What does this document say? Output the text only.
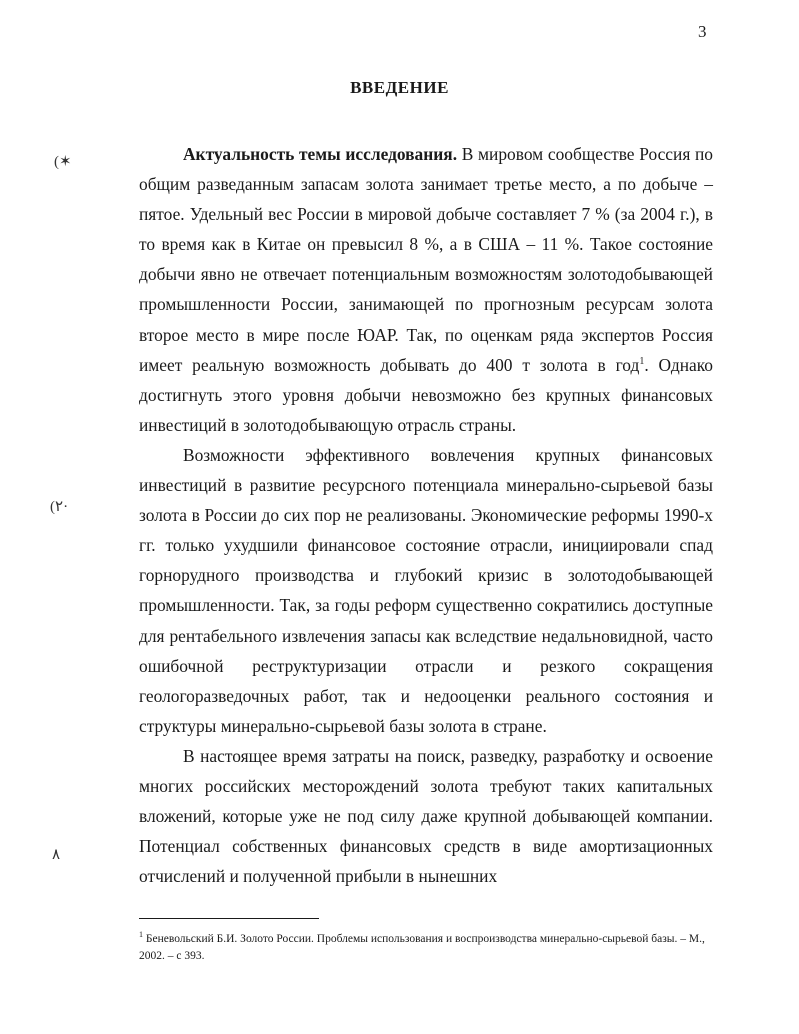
3
ВВЕДЕНИЕ
(✶
(٢·
٨

Актуальность темы исследования. В мировом сообществе Россия по общим разведанным запасам золота занимает третье место, а по добыче – пятое. Удельный вес России в мировой добыче составляет 7 % (за 2004 г.), в то время как в Китае он превысил 8 %, а в США – 11 %. Такое состояние добычи явно не отвечает потенциальным возможностям золотодобывающей промышленности России, занимающей по прогнозным ресурсам золота второе место в мире после ЮАР. Так, по оценкам ряда экспертов Россия имеет реальную возможность добывать до 400 т золота в год$^1$. Однако достигнуть этого уровня добычи невозможно без крупных финансовых инвестиций в золотодобывающую отрасль страны.

Возможности эффективного вовлечения крупных финансовых инвестиций в развитие ресурсного потенциала минерально-сырьевой базы золота в России до сих пор не реализованы. Экономические реформы 1990-х гг. только ухудшили финансовое состояние отрасли, инициировали спад горнорудного производства и глубокий кризис в золотодобывающей промышленности. Так, за годы реформ существенно сократились доступные для рентабельного извлечения запасы как вследствие недальновидной, часто ошибочной реструктуризации отрасли и резкого сокращения геологоразведочных работ, так и недооценки реального состояния и структуры минерально-сырьевой базы золота в стране.

В настоящее время затраты на поиск, разведку, разработку и освоение многих российских месторождений золота требуют таких капитальных вложений, которые уже не под силу даже крупной добывающей компании. Потенциал собственных финансовых средств в виде амортизационных отчислений и полученной прибыли в нынешних

$^1$ Беневольский Б.И. Золото России. Проблемы использования и воспроизводства минерально-сырьевой базы. – М., 2002. – с 393.
